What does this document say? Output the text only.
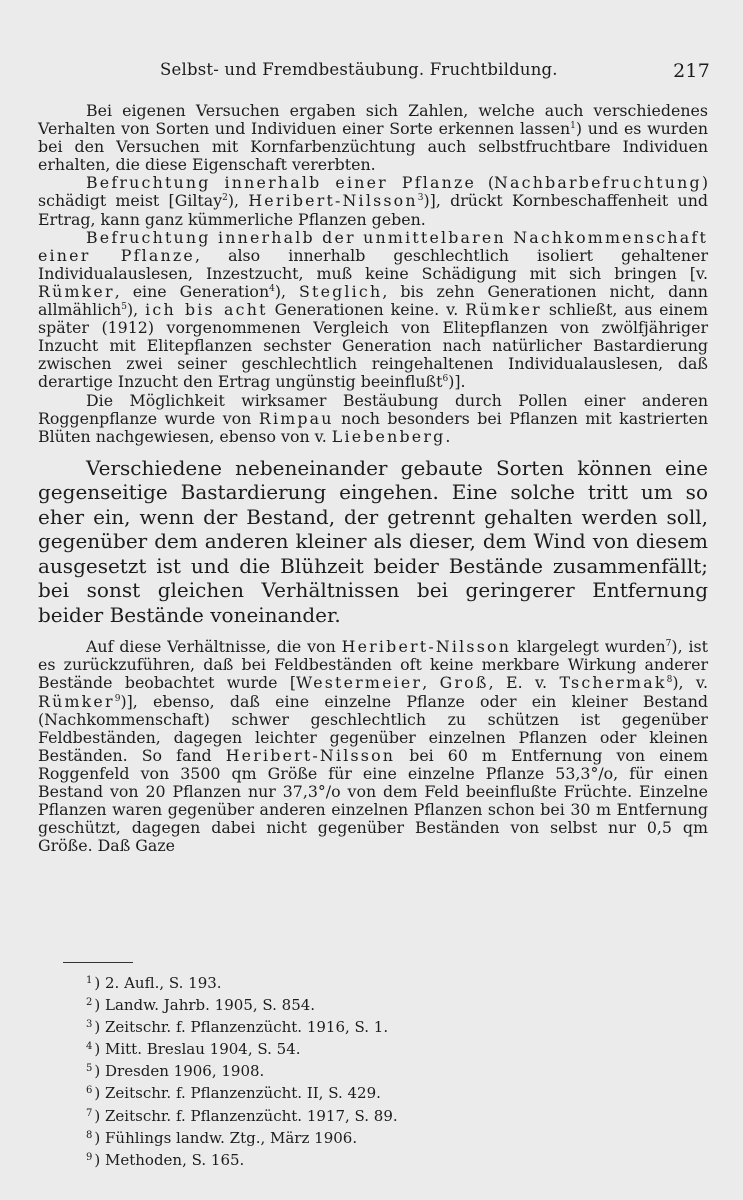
Selbst- und Fremdbestäubung. Fruchtbildung.	217

Bei eigenen Versuchen ergaben sich Zahlen, welche auch verschiedenes Verhalten von Sorten und Individuen einer Sorte erkennen lassen$^1$) und es wurden bei den Versuchen mit Kornfarbenzüchtung auch selbstfruchtbare Individuen erhalten, die diese Eigenschaft vererbten.

Befruchtung innerhalb einer Pflanze (Nachbarbefruchtung) schädigt meist [Giltay$^2$), Heribert-Nilsson$^3$)], drückt Kornbeschaffenheit und Ertrag, kann ganz kümmerliche Pflanzen geben.

Befruchtung innerhalb der unmittelbaren Nachkommenschaft einer Pflanze, also innerhalb geschlechtlich isoliert gehaltener Individualauslesen, Inzestzucht, muß keine Schädigung mit sich bringen [v. Rümker, eine Generation$^4$), Steglich, bis zehn Generationen nicht, dann allmählich$^5$), ich bis acht Generationen keine. v. Rümker schließt, aus einem später (1912) vorgenommenen Vergleich von Elitepflanzen von zwölfjähriger Inzucht mit Elitepflanzen sechster Generation nach natürlicher Bastardierung zwischen zwei seiner geschlechtlich reingehaltenen Individualauslesen, daß derartige Inzucht den Ertrag ungünstig beeinflußt$^6$)].

Die Möglichkeit wirksamer Bestäubung durch Pollen einer anderen Roggenpflanze wurde von Rimpau noch besonders bei Pflanzen mit kastrierten Blüten nachgewiesen, ebenso von v. Liebenberg.

Verschiedene nebeneinander gebaute Sorten können eine gegenseitige Bastardierung eingehen. Eine solche tritt um so eher ein, wenn der Bestand, der getrennt gehalten werden soll, gegenüber dem anderen kleiner als dieser, dem Wind von diesem ausgesetzt ist und die Blühzeit beider Bestände zusammenfällt; bei sonst gleichen Verhältnissen bei geringerer Entfernung beider Bestände voneinander.

Auf diese Verhältnisse, die von Heribert-Nilsson klargelegt wurden$^7$), ist es zurückzuführen, daß bei Feldbeständen oft keine merkbare Wirkung anderer Bestände beobachtet wurde [Westermeier, Groß, E. v. Tschermak$^8$), v. Rümker$^9$)], ebenso, daß eine einzelne Pflanze oder ein kleiner Bestand (Nachkommenschaft) schwer geschlechtlich zu schützen ist gegenüber Feldbeständen, dagegen leichter gegenüber einzelnen Pflanzen oder kleinen Beständen. So fand Heribert-Nilsson bei 60 m Entfernung von einem Roggenfeld von 3500 qm Größe für eine einzelne Pflanze 53,3°/o, für einen Bestand von 20 Pflanzen nur 37,3°/o von dem Feld beeinflußte Früchte. Einzelne Pflanzen waren gegenüber anderen einzelnen Pflanzen schon bei 30 m Entfernung geschützt, dagegen dabei nicht gegenüber Beständen von selbst nur 0,5 qm Größe. Daß Gaze

$^1$ ) 2. Aufl., S. 193.
$^2$ ) Landw. Jahrb. 1905, S. 854.
$^3$ ) Zeitschr. f. Pflanzenzücht. 1916, S. 1.
$^4$ ) Mitt. Breslau 1904, S. 54.
$^5$ ) Dresden 1906, 1908.
$^6$ ) Zeitschr. f. Pflanzenzücht. II, S. 429.
$^7$ ) Zeitschr. f. Pflanzenzücht. 1917, S. 89.
$^8$ ) Fühlings landw. Ztg., März 1906.
$^9$ ) Methoden, S. 165.
